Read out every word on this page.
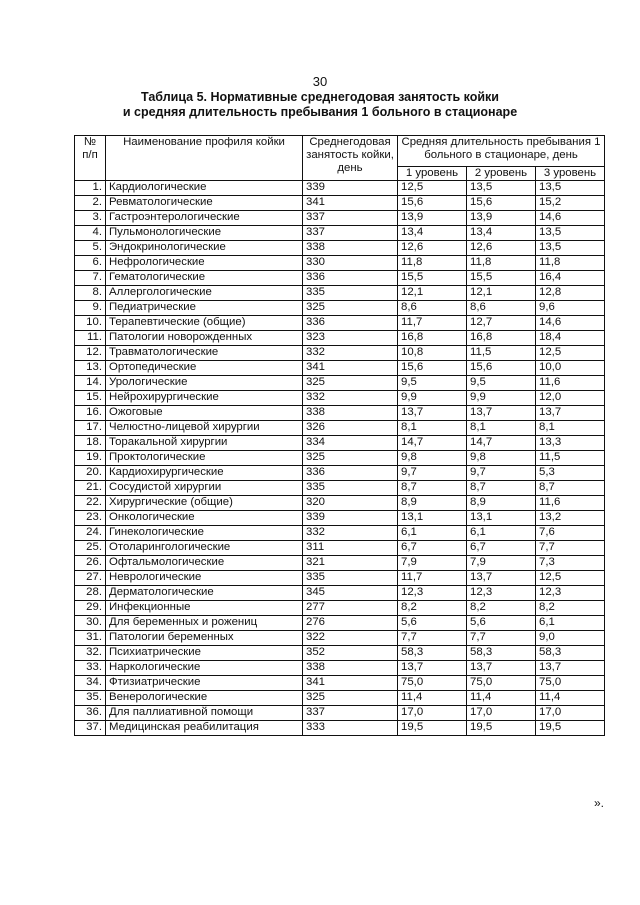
30
Таблица 5. Нормативные среднегодовая занятость койки
и средняя длительность пребывания 1 больного в стационаре
№ п/п	Наименование профиля койки	Среднегодовая занятость койки, день	Средняя длительность пребывания 1 больного в стационаре, день		
			1 уровень	2 уровень	3 уровень
1.	Кардиологические	339	12,5	13,5	13,5
2.	Ревматологические	341	15,6	15,6	15,2
3.	Гастроэнтерологические	337	13,9	13,9	14,6
4.	Пульмонологические	337	13,4	13,4	13,5
5.	Эндокринологические	338	12,6	12,6	13,5
6.	Нефрологические	330	11,8	11,8	11,8
7.	Гематологические	336	15,5	15,5	16,4
8.	Аллергологические	335	12,1	12,1	12,8
9.	Педиатрические	325	8,6	8,6	9,6
10.	Терапевтические (общие)	336	11,7	12,7	14,6
11.	Патологии новорожденных	323	16,8	16,8	18,4
12.	Травматологические	332	10,8	11,5	12,5
13.	Ортопедические	341	15,6	15,6	10,0
14.	Урологические	325	9,5	9,5	11,6
15.	Нейрохирургические	332	9,9	9,9	12,0
16.	Ожоговые	338	13,7	13,7	13,7
17.	Челюстно-лицевой хирургии	326	8,1	8,1	8,1
18.	Торакальной хирургии	334	14,7	14,7	13,3
19.	Проктологические	325	9,8	9,8	11,5
20.	Кардиохирургические	336	9,7	9,7	5,3
21.	Сосудистой хирургии	335	8,7	8,7	8,7
22.	Хирургические (общие)	320	8,9	8,9	11,6
23.	Онкологические	339	13,1	13,1	13,2
24.	Гинекологические	332	6,1	6,1	7,6
25.	Отоларингологические	311	6,7	6,7	7,7
26.	Офтальмологические	321	7,9	7,9	7,3
27.	Неврологические	335	11,7	13,7	12,5
28.	Дерматологические	345	12,3	12,3	12,3
29.	Инфекционные	277	8,2	8,2	8,2
30.	Для беременных и рожениц	276	5,6	5,6	6,1
31.	Патологии беременных	322	7,7	7,7	9,0
32.	Психиатрические	352	58,3	58,3	58,3
33.	Наркологические	338	13,7	13,7	13,7
34.	Фтизиатрические	341	75,0	75,0	75,0
35.	Венерологические	325	11,4	11,4	11,4
36.	Для паллиативной помощи	337	17,0	17,0	17,0
37.	Медицинская реабилитация	333	19,5	19,5	19,5
».
